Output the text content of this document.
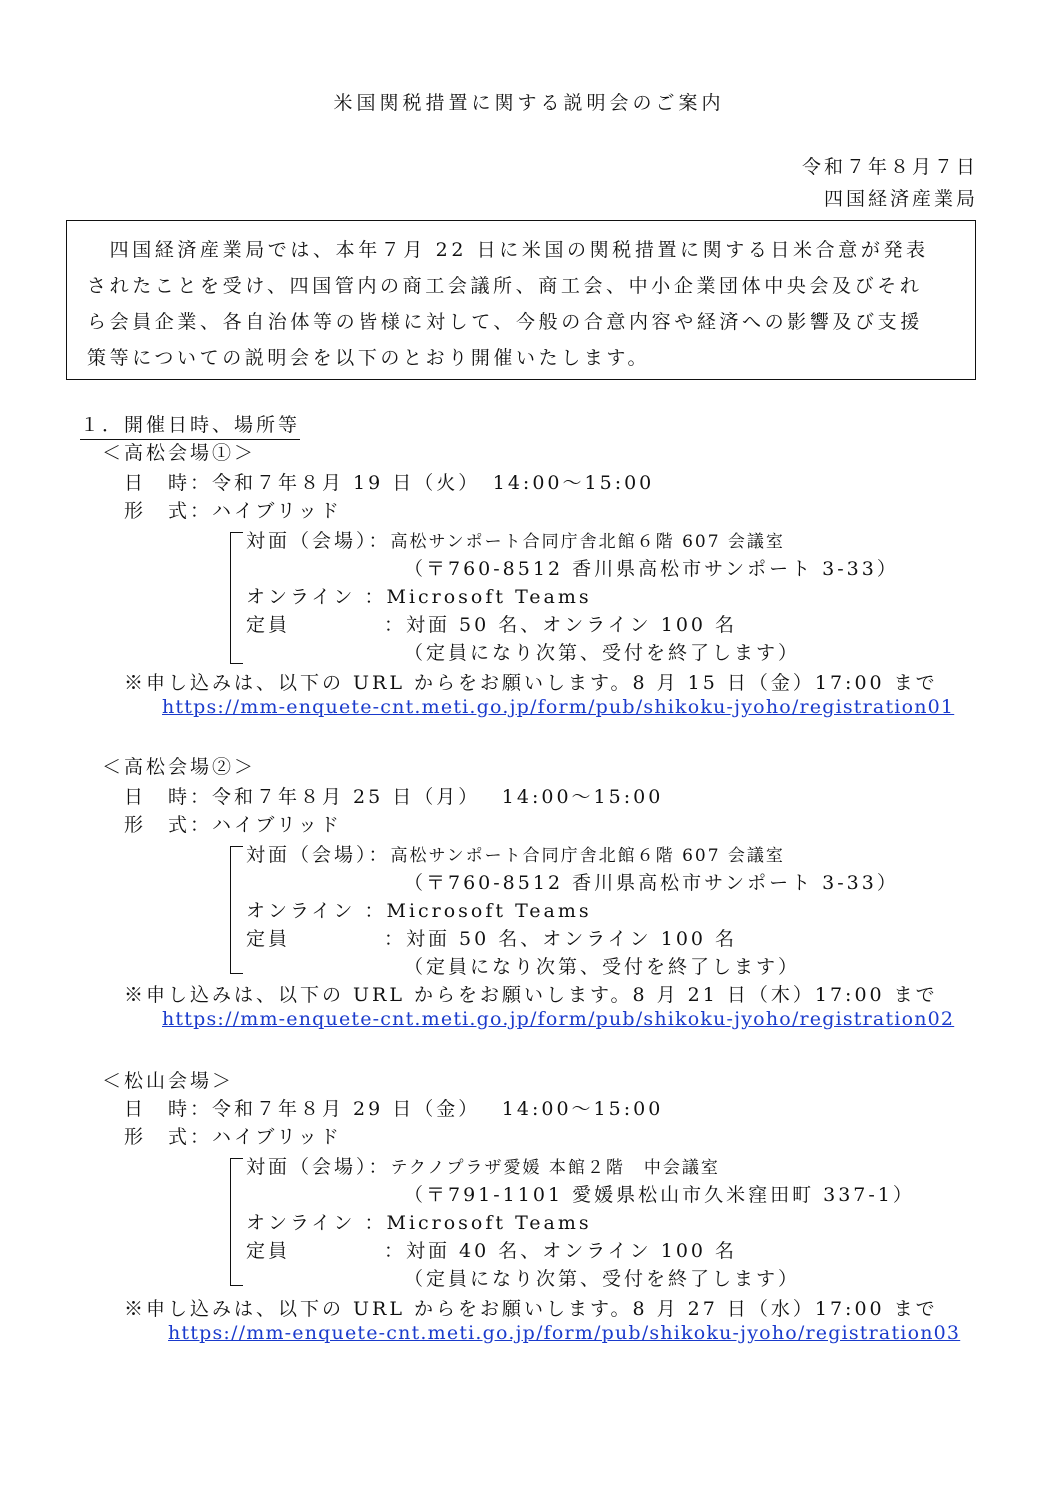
米国関税措置に関する説明会のご案内
令和７年８月７日
四国経済産業局
　四国経済産業局では、本年７月 22 日に米国の関税措置に関する日米合意が発表
されたことを受け、四国管内の商工会議所、商工会、中小企業団体中央会及びそれ
ら会員企業、各自治体等の皆様に対して、今般の合意内容や経済への影響及び支援
策等についての説明会を以下のとおり開催いたします。
１．開催日時、場所等
＜高松会場①＞
日　時：令和７年８月 19 日（火）　14:00～15:00
形　式：ハイブリッド
対面（会場）：高松サンポート合同庁舎北館６階 607 会議室
（〒760-8512 香川県高松市サンポート 3-33）
オンライン ：Microsoft Teams
定員	：対面 50 名、オンライン 100 名
（定員になり次第、受付を終了します）
※申し込みは、以下の URL からをお願いします。8 月 15 日（金）17:00 まで
https://mm-enquete-cnt.meti.go.jp/form/pub/shikoku-jyoho/registration01
＜高松会場②＞
日　時：令和７年８月 25 日（月）　 14:00～15:00
形　式：ハイブリッド
対面（会場）：高松サンポート合同庁舎北館６階 607 会議室
（〒760-8512 香川県高松市サンポート 3-33）
オンライン ：Microsoft Teams
定員	：対面 50 名、オンライン 100 名
（定員になり次第、受付を終了します）
※申し込みは、以下の URL からをお願いします。8 月 21 日（木）17:00 まで
https://mm-enquete-cnt.meti.go.jp/form/pub/shikoku-jyoho/registration02
＜松山会場＞
日　時：令和７年８月 29 日（金）　 14:00～15:00
形　式：ハイブリッド
対面（会場）：テクノプラザ愛媛 本館２階　中会議室
（〒791-1101 愛媛県松山市久米窪田町 337-1）
オンライン ：Microsoft Teams
定員	：対面 40 名、オンライン 100 名
（定員になり次第、受付を終了します）
※申し込みは、以下の URL からをお願いします。8 月 27 日（水）17:00 まで
https://mm-enquete-cnt.meti.go.jp/form/pub/shikoku-jyoho/registration03
